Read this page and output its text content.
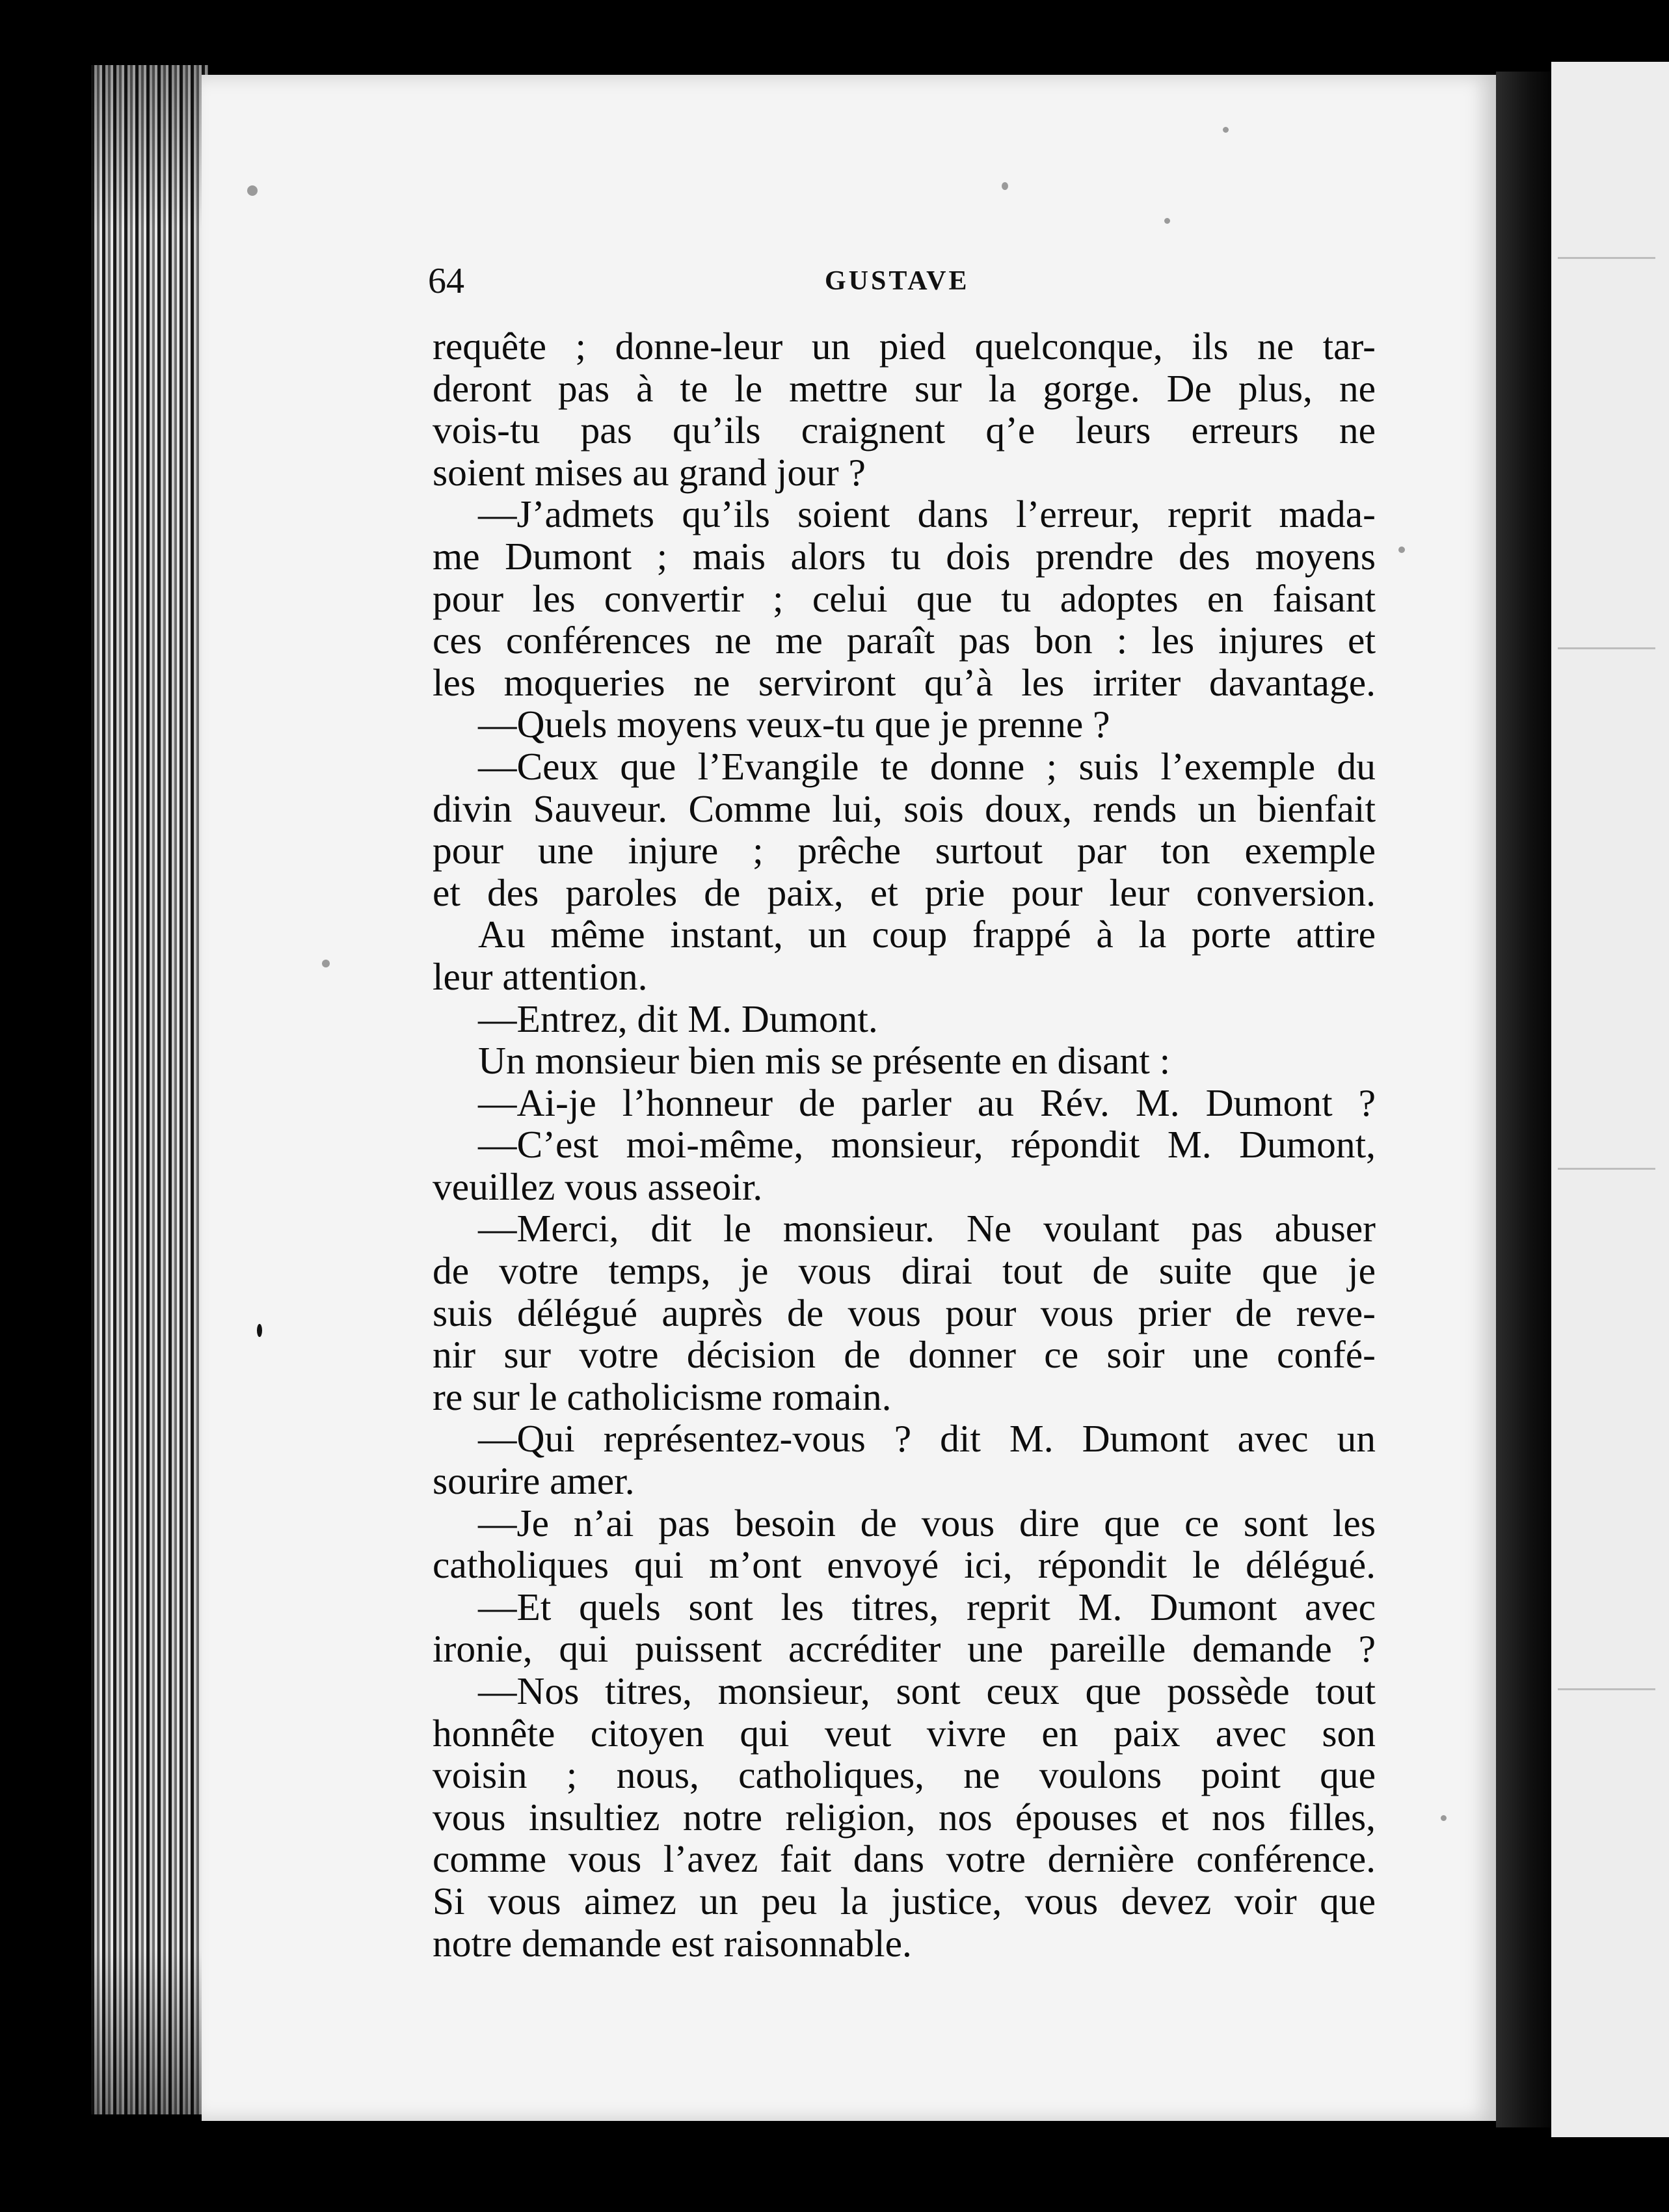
64	GUSTAVE
requête ; donne-leur un pied quelconque, ils ne tar-
deront pas à te le mettre sur la gorge. De plus, ne
vois-tu pas qu’ils craignent q’e leurs erreurs ne
soient mises au grand jour ?
—J’admets qu’ils soient dans l’erreur, reprit mada-
me Dumont ; mais alors tu dois prendre des moyens
pour les convertir ; celui que tu adoptes en faisant
ces conférences ne me paraît pas bon : les injures et
les moqueries ne serviront qu’à les irriter davantage.
—Quels moyens veux-tu que je prenne ?
—Ceux que l’Evangile te donne ; suis l’exemple du
divin Sauveur. Comme lui, sois doux, rends un bienfait
pour une injure ; prêche surtout par ton exemple
et des paroles de paix, et prie pour leur conversion.
Au même instant, un coup frappé à la porte attire
leur attention.
—Entrez, dit M. Dumont.
Un monsieur bien mis se présente en disant :
—Ai-je l’honneur de parler au Rév. M. Dumont ?
—C’est moi-même, monsieur, répondit M. Dumont,
veuillez vous asseoir.
—Merci, dit le monsieur. Ne voulant pas abuser
de votre temps, je vous dirai tout de suite que je
suis délégué auprès de vous pour vous prier de reve-
nir sur votre décision de donner ce soir une confé-
re sur le catholicisme romain.
—Qui représentez-vous ? dit M. Dumont avec un
sourire amer.
—Je n’ai pas besoin de vous dire que ce sont les
catholiques qui m’ont envoyé ici, répondit le délégué.
—Et quels sont les titres, reprit M. Dumont avec
ironie, qui puissent accréditer une pareille demande ?
—Nos titres, monsieur, sont ceux que possède tout
honnête citoyen qui veut vivre en paix avec son
voisin ; nous, catholiques, ne voulons point que
vous insultiez notre religion, nos épouses et nos filles,
comme vous l’avez fait dans votre dernière conférence.
Si vous aimez un peu la justice, vous devez voir que
notre demande est raisonnable.
